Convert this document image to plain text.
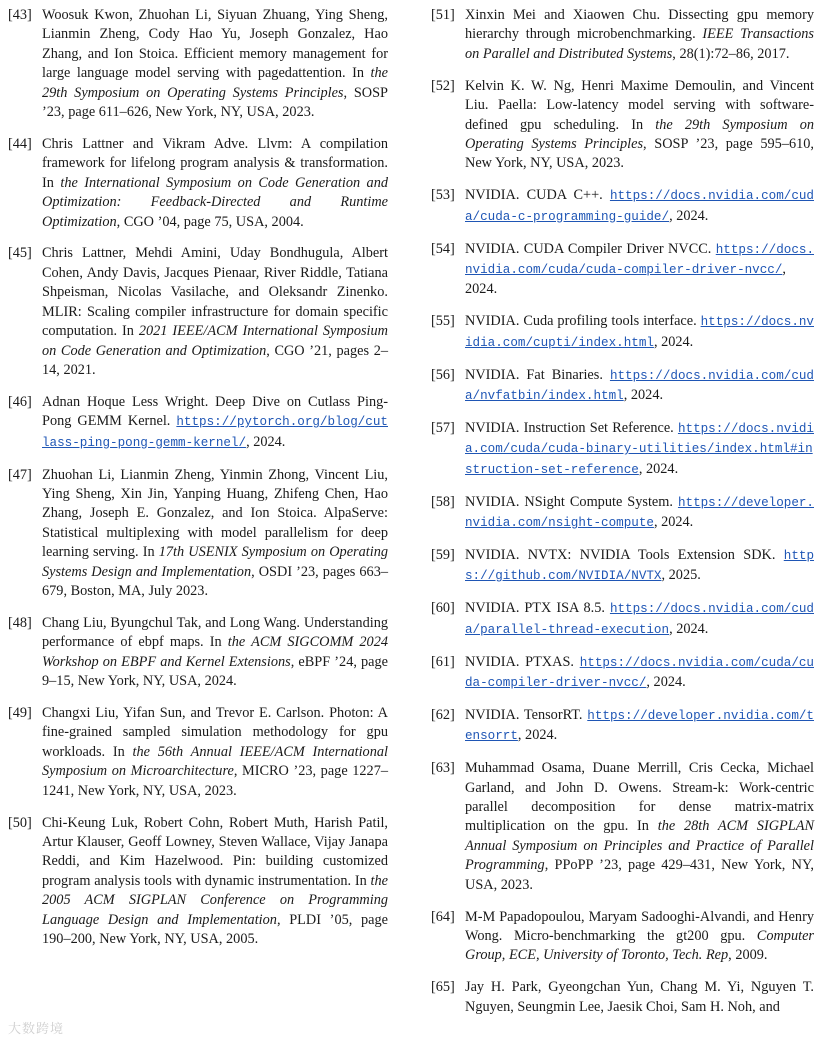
[43] Woosuk Kwon, Zhuohan Li, Siyuan Zhuang, Ying Sheng, Lianmin Zheng, Cody Hao Yu, Joseph Gonzalez, Hao Zhang, and Ion Stoica. Efficient memory management for large language model serving with pagedattention. In the 29th Symposium on Operating Systems Principles, SOSP ’23, page 611–626, New York, NY, USA, 2023.
[44] Chris Lattner and Vikram Adve. Llvm: A compilation framework for lifelong program analysis & transformation. In the International Symposium on Code Generation and Optimization: Feedback-Directed and Runtime Optimization, CGO ’04, page 75, USA, 2004.
[45] Chris Lattner, Mehdi Amini, Uday Bondhugula, Albert Cohen, Andy Davis, Jacques Pienaar, River Riddle, Tatiana Shpeisman, Nicolas Vasilache, and Oleksandr Zinenko. MLIR: Scaling compiler infrastructure for domain specific computation. In 2021 IEEE/ACM International Symposium on Code Generation and Optimization, CGO ’21, pages 2–14, 2021.
[46] Adnan Hoque Less Wright. Deep Dive on Cutlass Ping-Pong GEMM Kernel. https://pytorch.org/blog/cutlass-ping-pong-gemm-kernel/, 2024.
[47] Zhuohan Li, Lianmin Zheng, Yinmin Zhong, Vincent Liu, Ying Sheng, Xin Jin, Yanping Huang, Zhifeng Chen, Hao Zhang, Joseph E. Gonzalez, and Ion Stoica. AlpaServe: Statistical multiplexing with model parallelism for deep learning serving. In 17th USENIX Symposium on Operating Systems Design and Implementation, OSDI ’23, pages 663–679, Boston, MA, July 2023.
[48] Chang Liu, Byungchul Tak, and Long Wang. Understanding performance of ebpf maps. In the ACM SIGCOMM 2024 Workshop on EBPF and Kernel Extensions, eBPF ’24, page 9–15, New York, NY, USA, 2024.
[49] Changxi Liu, Yifan Sun, and Trevor E. Carlson. Photon: A fine-grained sampled simulation methodology for gpu workloads. In the 56th Annual IEEE/ACM International Symposium on Microarchitecture, MICRO ’23, page 1227–1241, New York, NY, USA, 2023.
[50] Chi-Keung Luk, Robert Cohn, Robert Muth, Harish Patil, Artur Klauser, Geoff Lowney, Steven Wallace, Vijay Janapa Reddi, and Kim Hazelwood. Pin: building customized program analysis tools with dynamic instrumentation. In the 2005 ACM SIGPLAN Conference on Programming Language Design and Implementation, PLDI ’05, page 190–200, New York, NY, USA, 2005.
[51] Xinxin Mei and Xiaowen Chu. Dissecting gpu memory hierarchy through microbenchmarking. IEEE Transactions on Parallel and Distributed Systems, 28(1):72–86, 2017.
[52] Kelvin K. W. Ng, Henri Maxime Demoulin, and Vincent Liu. Paella: Low-latency model serving with software-defined gpu scheduling. In the 29th Symposium on Operating Systems Principles, SOSP ’23, page 595–610, New York, NY, USA, 2023.
[53] NVIDIA. CUDA C++. https://docs.nvidia.com/cuda/cuda-c-programming-guide/, 2024.
[54] NVIDIA. CUDA Compiler Driver NVCC. https://docs.nvidia.com/cuda/cuda-compiler-driver-nvcc/, 2024.
[55] NVIDIA. Cuda profiling tools interface. https://docs.nvidia.com/cupti/index.html, 2024.
[56] NVIDIA. Fat Binaries. https://docs.nvidia.com/cuda/nvfatbin/index.html, 2024.
[57] NVIDIA. Instruction Set Reference. https://docs.nvidia.com/cuda/cuda-binary-utilities/index.html#instruction-set-reference, 2024.
[58] NVIDIA. NSight Compute System. https://developer.nvidia.com/nsight-compute, 2024.
[59] NVIDIA. NVTX: NVIDIA Tools Extension SDK. https://github.com/NVIDIA/NVTX, 2025.
[60] NVIDIA. PTX ISA 8.5. https://docs.nvidia.com/cuda/parallel-thread-execution, 2024.
[61] NVIDIA. PTXAS. https://docs.nvidia.com/cuda/cuda-compiler-driver-nvcc/, 2024.
[62] NVIDIA. TensorRT. https://developer.nvidia.com/tensorrt, 2024.
[63] Muhammad Osama, Duane Merrill, Cris Cecka, Michael Garland, and John D. Owens. Stream-k: Work-centric parallel decomposition for dense matrix-matrix multiplication on the gpu. In the 28th ACM SIGPLAN Annual Symposium on Principles and Practice of Parallel Programming, PPoPP ’23, page 429–431, New York, NY, USA, 2023.
[64] M-M Papadopoulou, Maryam Sadooghi-Alvandi, and Henry Wong. Micro-benchmarking the gt200 gpu. Computer Group, ECE, University of Toronto, Tech. Rep, 2009.
[65] Jay H. Park, Gyeongchan Yun, Chang M. Yi, Nguyen T. Nguyen, Seungmin Lee, Jaesik Choi, Sam H. Noh, and
大数跨境
